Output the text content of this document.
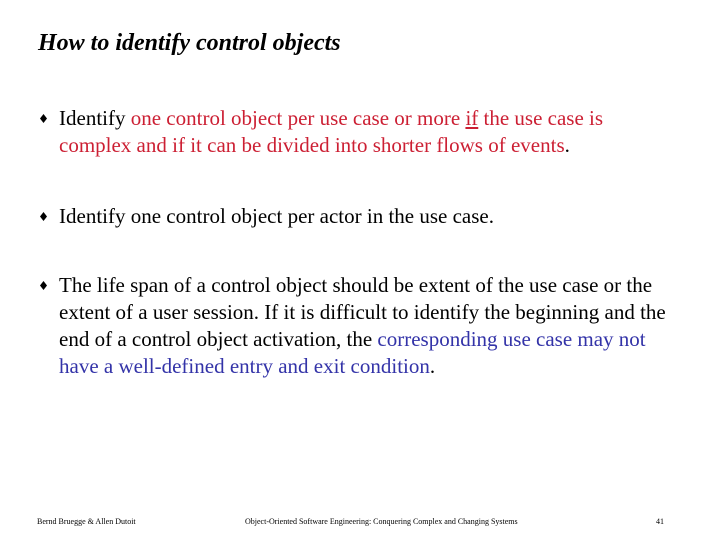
How to identify control objects
Identify one control object per use case or more if the use case is complex and if it can be divided into shorter flows of events.
Identify one control object per actor in the use case.
The life span of a control object should be extent of the use case or the extent of a user session. If it is difficult to identify the beginning and the end of a control object activation, the corresponding use case may not have a well-defined entry and exit condition.
Bernd Bruegge & Allen Dutoit	Object-Oriented Software Engineering: Conquering Complex and Changing Systems	41
